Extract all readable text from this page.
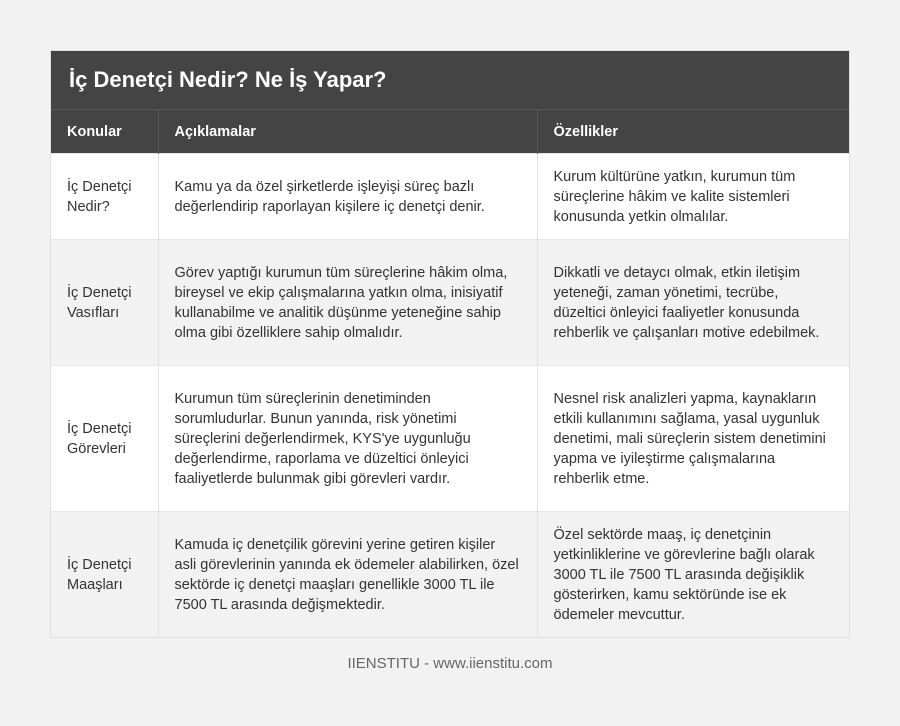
İç Denetçi Nedir? Ne İş Yapar?
Konular	Açıklamalar	Özellikler
İç Denetçi Nedir?	Kamu ya da özel şirketlerde işleyişi süreç bazlı değerlendirip raporlayan kişilere iç denetçi denir.	Kurum kültürüne yatkın, kurumun tüm süreçlerine hâkim ve kalite sistemleri konusunda yetkin olmalılar.
İç Denetçi Vasıfları	Görev yaptığı kurumun tüm süreçlerine hâkim olma, bireysel ve ekip çalışmalarına yatkın olma, inisiyatif kullanabilme ve analitik düşünme yeteneğine sahip olma gibi özelliklere sahip olmalıdır.	Dikkatli ve detaycı olmak, etkin iletişim yeteneği, zaman yönetimi, tecrübe, düzeltici önleyici faaliyetler konusunda rehberlik ve çalışanları motive edebilmek.
İç Denetçi Görevleri	Kurumun tüm süreçlerinin denetiminden sorumludurlar. Bunun yanında, risk yönetimi süreçlerini değerlendirmek, KYS'ye uygunluğu değerlendirme, raporlama ve düzeltici önleyici faaliyetlerde bulunmak gibi görevleri vardır.	Nesnel risk analizleri yapma, kaynakların etkili kullanımını sağlama, yasal uygunluk denetimi, mali süreçlerin sistem denetimini yapma ve iyileştirme çalışmalarına rehberlik etme.
İç Denetçi Maaşları	Kamuda iç denetçilik görevini yerine getiren kişiler asli görevlerinin yanında ek ödemeler alabilirken, özel sektörde iç denetçi maaşları genellikle 3000 TL ile 7500 TL arasında değişmektedir.	Özel sektörde maaş, iç denetçinin yetkinliklerine ve görevlerine bağlı olarak 3000 TL ile 7500 TL arasında değişiklik gösterirken, kamu sektöründe ise ek ödemeler mevcuttur.
IIENSTITU - www.iienstitu.com
